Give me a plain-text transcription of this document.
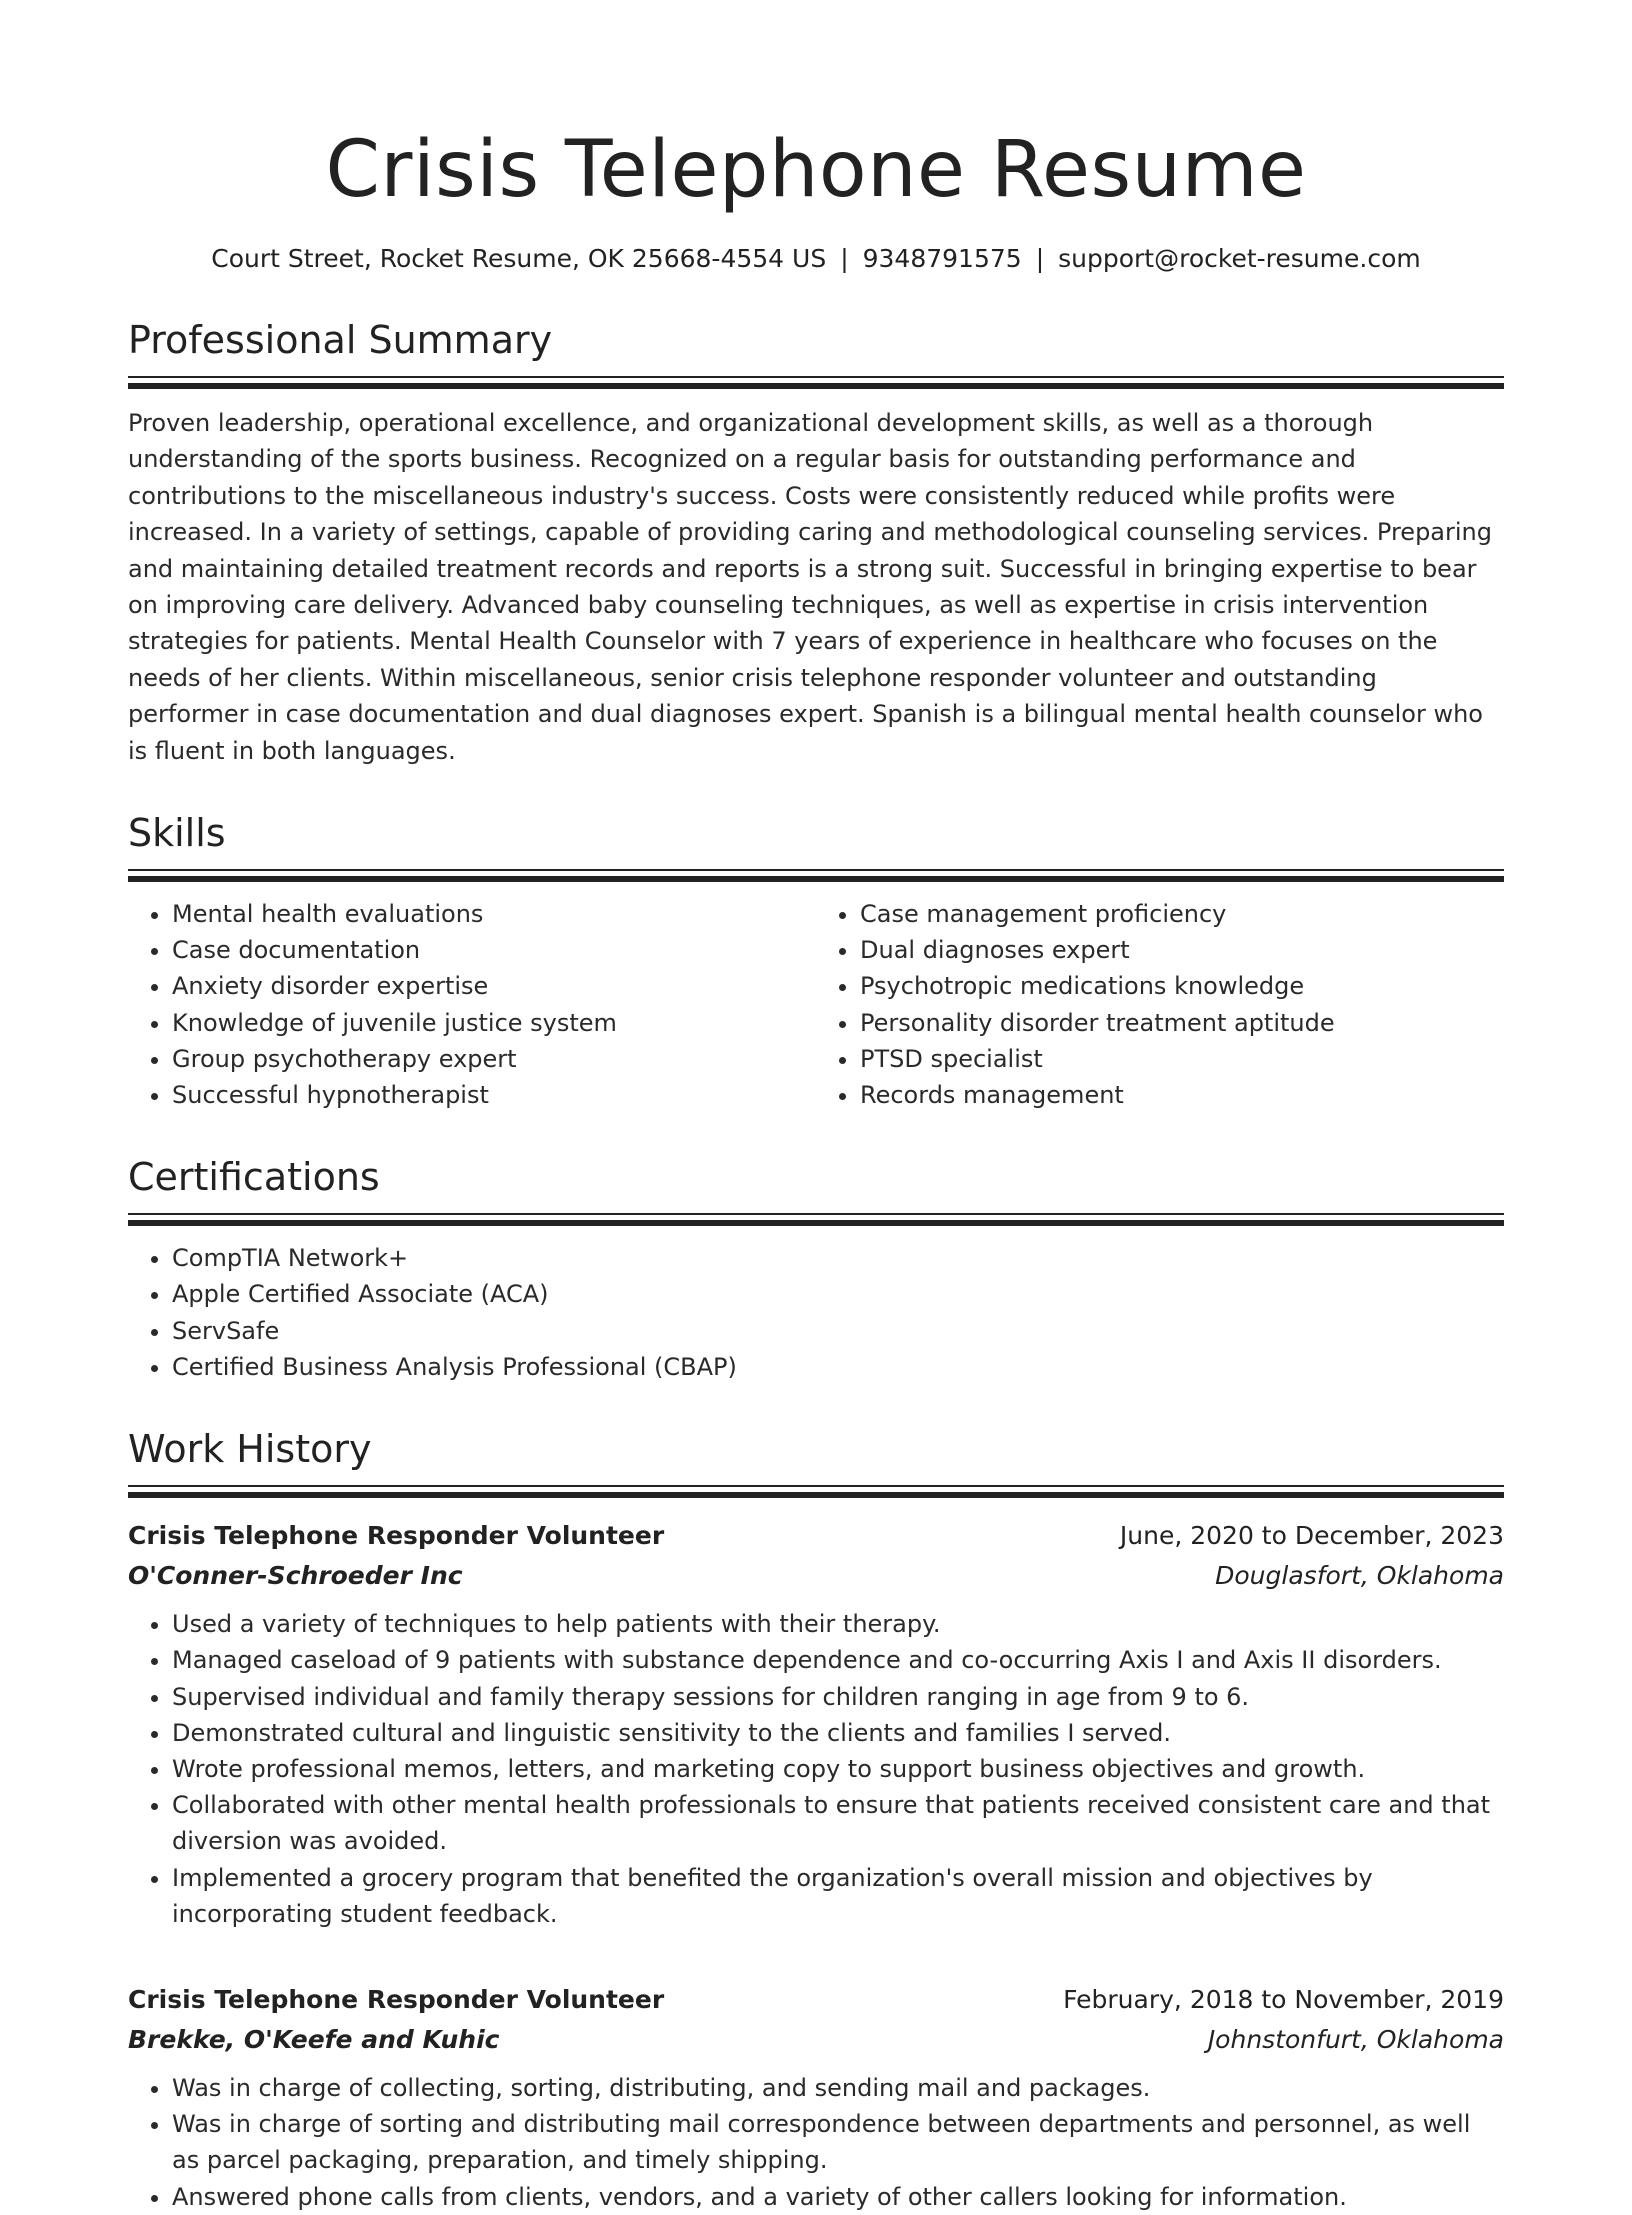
Crisis Telephone Resume
Court Street, Rocket Resume, OK 25668-4554 US | 9348791575 | support@rocket-resume.com
Professional Summary

Proven leadership, operational excellence, and organizational development skills, as well as a thorough understanding of the sports business. Recognized on a regular basis for outstanding performance and contributions to the miscellaneous industry's success. Costs were consistently reduced while profits were increased. In a variety of settings, capable of providing caring and methodological counseling services. Preparing and maintaining detailed treatment records and reports is a strong suit. Successful in bringing expertise to bear on improving care delivery. Advanced baby counseling techniques, as well as expertise in crisis intervention strategies for patients. Mental Health Counselor with 7 years of experience in healthcare who focuses on the needs of her clients. Within miscellaneous, senior crisis telephone responder volunteer and outstanding performer in case documentation and dual diagnoses expert. Spanish is a bilingual mental health counselor who is fluent in both languages.

Skills
• Mental health evaluations
• Case documentation
• Anxiety disorder expertise
• Knowledge of juvenile justice system
• Group psychotherapy expert
• Successful hypnotherapist
• Case management proficiency
• Dual diagnoses expert
• Psychotropic medications knowledge
• Personality disorder treatment aptitude
• PTSD specialist
• Records management
Certifications
• CompTIA Network+
• Apple Certified Associate (ACA)
• ServSafe
• Certified Business Analysis Professional (CBAP)
Work History
Crisis Telephone Responder Volunteer	June, 2020 to December, 2023
O'Conner-Schroeder Inc	Douglasfort, Oklahoma
• Used a variety of techniques to help patients with their therapy.
• Managed caseload of 9 patients with substance dependence and co-occurring Axis I and Axis II disorders.
• Supervised individual and family therapy sessions for children ranging in age from 9 to 6.
• Demonstrated cultural and linguistic sensitivity to the clients and families I served.
• Wrote professional memos, letters, and marketing copy to support business objectives and growth.
• Collaborated with other mental health professionals to ensure that patients received consistent care and that diversion was avoided.
• Implemented a grocery program that benefited the organization's overall mission and objectives by incorporating student feedback.
Crisis Telephone Responder Volunteer	February, 2018 to November, 2019
Brekke, O'Keefe and Kuhic	Johnstonfurt, Oklahoma
• Was in charge of collecting, sorting, distributing, and sending mail and packages.
• Was in charge of sorting and distributing mail correspondence between departments and personnel, as well as parcel packaging, preparation, and timely shipping.
• Answered phone calls from clients, vendors, and a variety of other callers looking for information.
